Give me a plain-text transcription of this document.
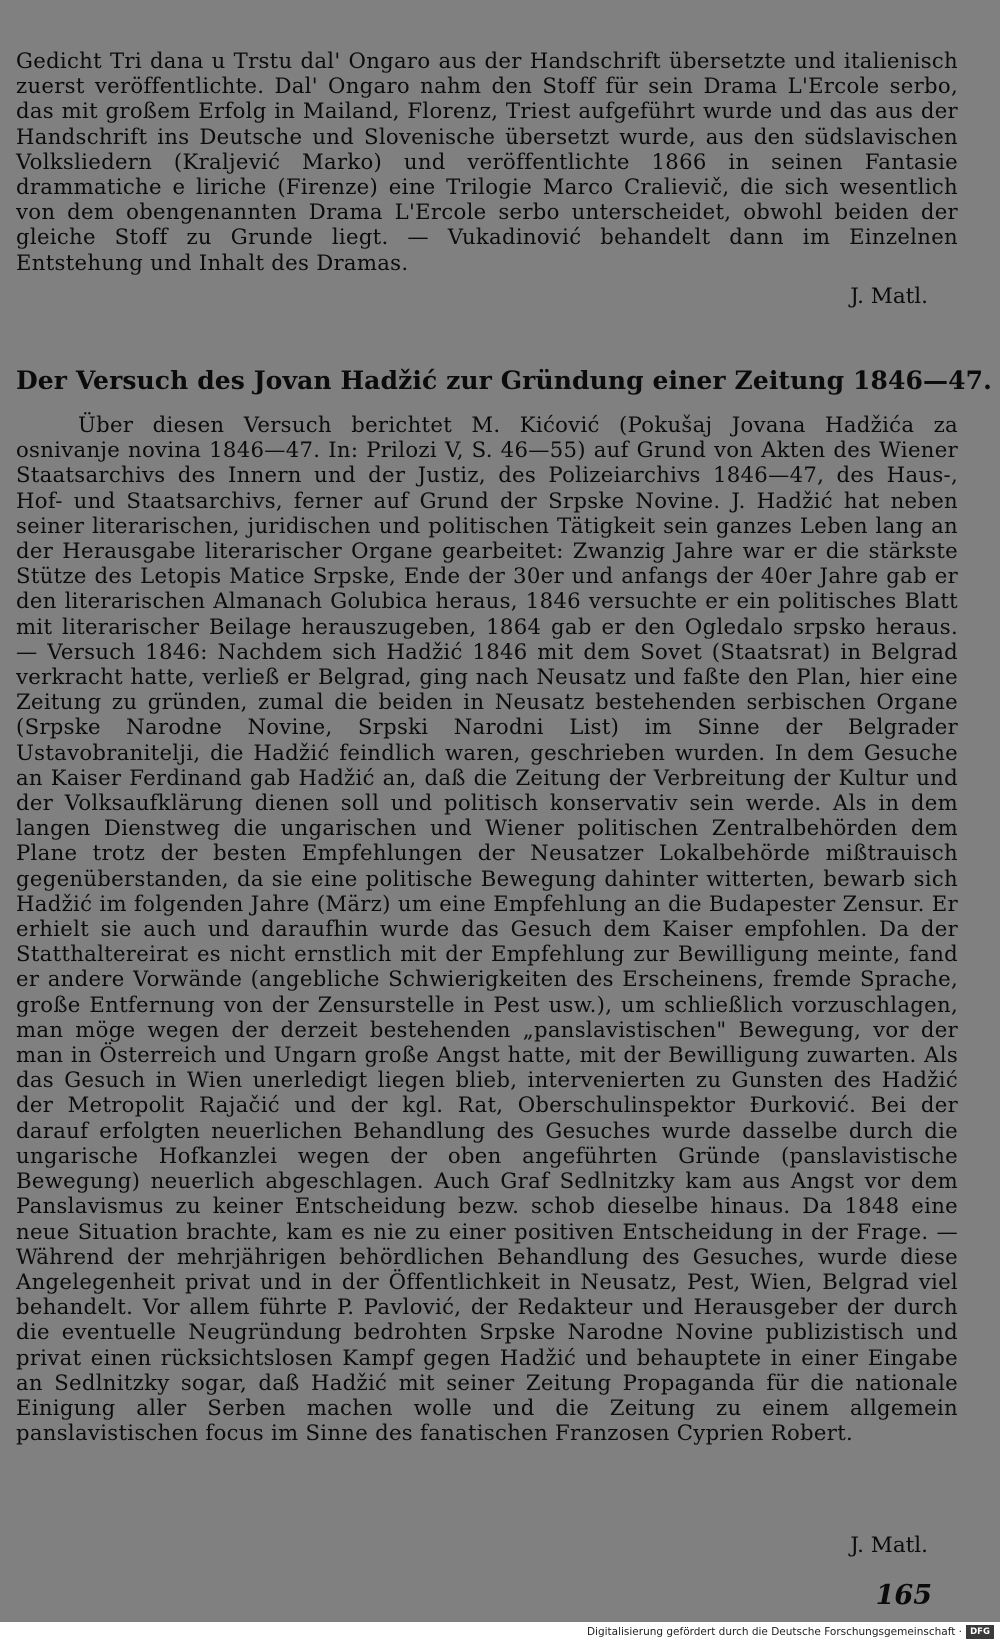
Gedicht Tri dana u Trstu dal' Ongaro aus der Handschrift übersetzte und italienisch zuerst veröffentlichte. Dal' Ongaro nahm den Stoff für sein Drama L'Ercole serbo, das mit großem Erfolg in Mailand, Florenz, Triest aufgeführt wurde und das aus der Handschrift ins Deutsche und Slovenische übersetzt wurde, aus den südslavischen Volksliedern (Kraljević Marko) und veröffentlichte 1866 in seinen Fantasie drammatiche e liriche (Firenze) eine Trilogie Marco Cralievič, die sich wesentlich von dem obengenannten Drama L'Ercole serbo unterscheidet, obwohl beiden der gleiche Stoff zu Grunde liegt. — Vukadinović behandelt dann im Einzelnen Entstehung und Inhalt des Dramas.
J. Matl.
Der Versuch des Jovan Hadžić zur Gründung einer Zeitung 1846—47.
Über diesen Versuch berichtet M. Kićović (Pokušaj Jovana Hadžića za osnivanje novina 1846—47. In: Prilozi V, S. 46—55) auf Grund von Akten des Wiener Staatsarchivs des Innern und der Justiz, des Polizeiarchivs 1846—47, des Haus-, Hof- und Staatsarchivs, ferner auf Grund der Srpske Novine. J. Hadžić hat neben seiner literarischen, juridischen und politischen Tätigkeit sein ganzes Leben lang an der Herausgabe literarischer Organe gearbeitet: Zwanzig Jahre war er die stärkste Stütze des Letopis Matice Srpske, Ende der 30er und anfangs der 40er Jahre gab er den literarischen Almanach Golubica heraus, 1846 versuchte er ein politisches Blatt mit literarischer Beilage herauszugeben, 1864 gab er den Ogledalo srpsko heraus. — Versuch 1846: Nachdem sich Hadžić 1846 mit dem Sovet (Staatsrat) in Belgrad verkracht hatte, verließ er Belgrad, ging nach Neusatz und faßte den Plan, hier eine Zeitung zu gründen, zumal die beiden in Neusatz bestehenden serbischen Organe (Srpske Narodne Novine, Srpski Narodni List) im Sinne der Belgrader Ustavobranitelji, die Hadžić feindlich waren, geschrieben wurden. In dem Gesuche an Kaiser Ferdinand gab Hadžić an, daß die Zeitung der Verbreitung der Kultur und der Volksaufklärung dienen soll und politisch konservativ sein werde. Als in dem langen Dienstweg die ungarischen und Wiener politischen Zentralbehörden dem Plane trotz der besten Empfehlungen der Neusatzer Lokalbehörde mißtrauisch gegenüberstanden, da sie eine politische Bewegung dahinter witterten, bewarb sich Hadžić im folgenden Jahre (März) um eine Empfehlung an die Budapester Zensur. Er erhielt sie auch und daraufhin wurde das Gesuch dem Kaiser empfohlen. Da der Statthaltereirat es nicht ernstlich mit der Empfehlung zur Bewilligung meinte, fand er andere Vorwände (angebliche Schwierigkeiten des Erscheinens, fremde Sprache, große Entfernung von der Zensurstelle in Pest usw.), um schließlich vorzuschlagen, man möge wegen der derzeit bestehenden „panslavistischen" Bewegung, vor der man in Österreich und Ungarn große Angst hatte, mit der Bewilligung zuwarten. Als das Gesuch in Wien unerledigt liegen blieb, intervenierten zu Gunsten des Hadžić der Metropolit Rajačić und der kgl. Rat, Oberschulinspektor Đurković. Bei der darauf erfolgten neuerlichen Behandlung des Gesuches wurde dasselbe durch die ungarische Hofkanzlei wegen der oben angeführten Gründe (panslavistische Bewegung) neuerlich abgeschlagen. Auch Graf Sedlnitzky kam aus Angst vor dem Panslavismus zu keiner Entscheidung bezw. schob dieselbe hinaus. Da 1848 eine neue Situation brachte, kam es nie zu einer positiven Entscheidung in der Frage. — Während der mehrjährigen behördlichen Behandlung des Gesuches, wurde diese Angelegenheit privat und in der Öffentlichkeit in Neusatz, Pest, Wien, Belgrad viel behandelt. Vor allem führte P. Pavlović, der Redakteur und Herausgeber der durch die eventuelle Neugründung bedrohten Srpske Narodne Novine publizistisch und privat einen rücksichtslosen Kampf gegen Hadžić und behauptete in einer Eingabe an Sedlnitzky sogar, daß Hadžić mit seiner Zeitung Propaganda für die nationale Einigung aller Serben machen wolle und die Zeitung zu einem allgemein panslavistischen focus im Sinne des fanatischen Franzosen Cyprien Robert.
J. Matl.
165
Digitalisierung gefördert durch die Deutsche Forschungsgemeinschaft · DFG
